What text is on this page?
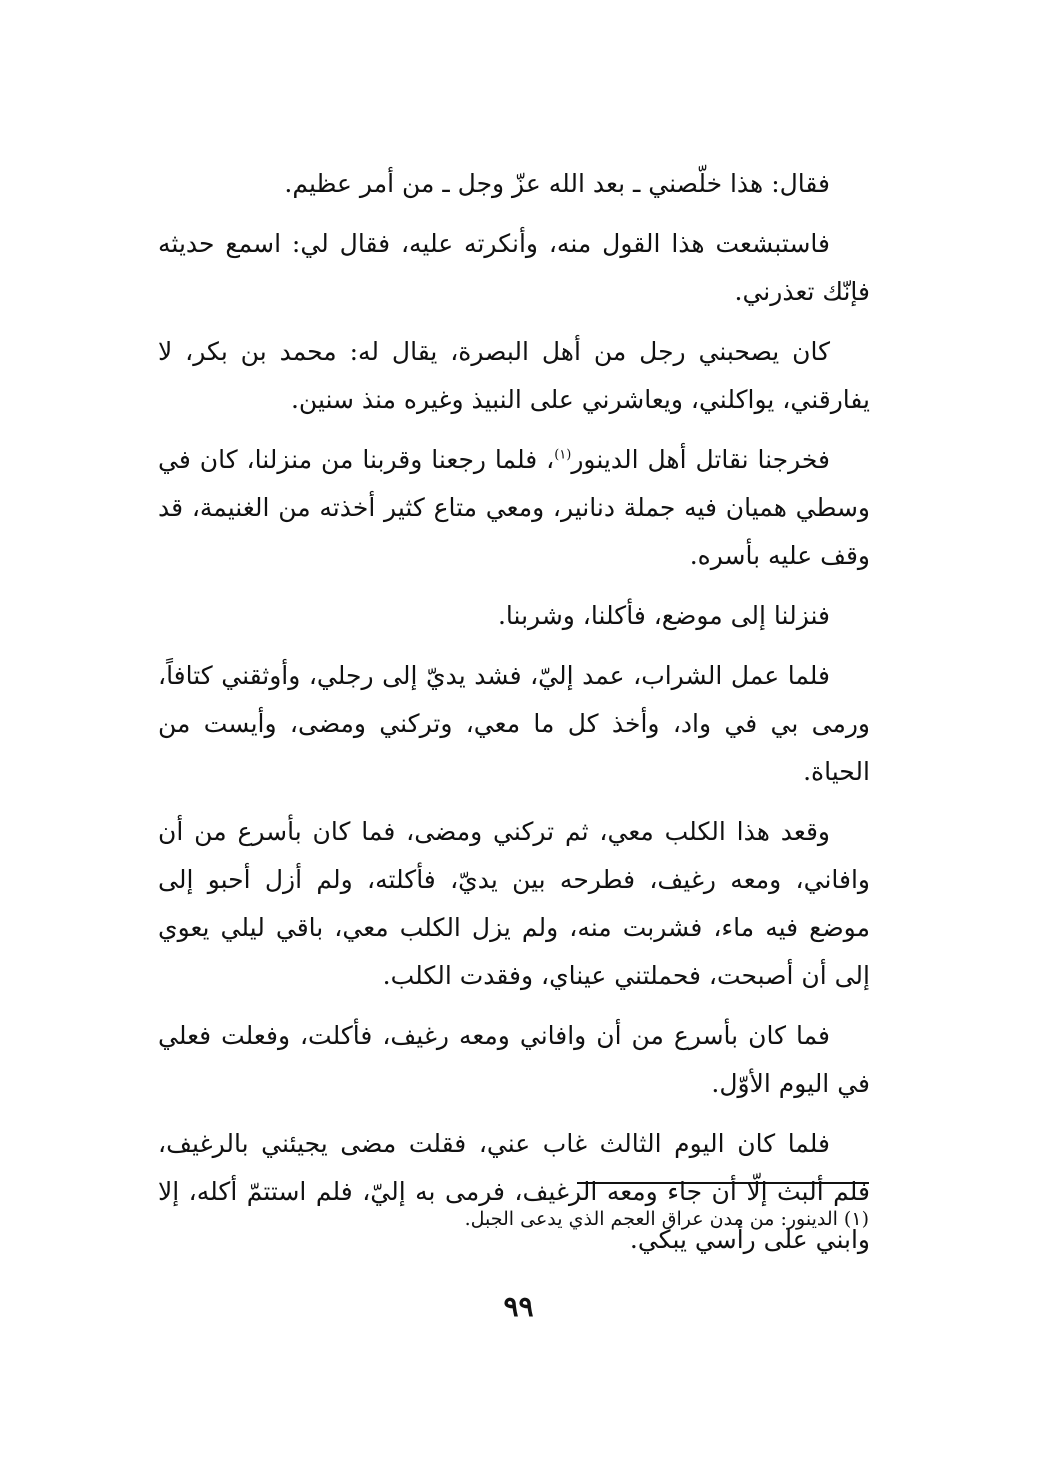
فقال: هذا خلّصني ـ بعد الله عزّ وجل ـ من أمر عظيم.

فاستبشعت هذا القول منه، وأنكرته عليه، فقال لي: اسمع حديثه فإنّك تعذرني.

كان يصحبني رجل من أهل البصرة، يقال له: محمد بن بكر، لا يفارقني، يواكلني، ويعاشرني على النبيذ وغيره منذ سنين.

فخرجنا نقاتل أهل الدينور$^{(١)}$، فلما رجعنا وقربنا من منزلنا، كان في وسطي هميان فيه جملة دنانير، ومعي متاع كثير أخذته من الغنيمة، قد وقف عليه بأسره.

فنزلنا إلى موضع، فأكلنا، وشربنا.

فلما عمل الشراب، عمد إليّ، فشد يديّ إلى رجلي، وأوثقني كتافاً، ورمى بي في واد، وأخذ كل ما معي، وتركني ومضى، وأيست من الحياة.

وقعد هذا الكلب معي، ثم تركني ومضى، فما كان بأسرع من أن وافاني، ومعه رغيف، فطرحه بين يديّ، فأكلته، ولم أزل أحبو إلى موضع فيه ماء، فشربت منه، ولم يزل الكلب معي، باقي ليلي يعوي إلى أن أصبحت، فحملتني عيناي، وفقدت الكلب.

فما كان بأسرع من أن وافاني ومعه رغيف، فأكلت، وفعلت فعلي في اليوم الأوّل.

فلما كان اليوم الثالث غاب عني، فقلت مضى يجيئني بالرغيف، فلم ألبث إلّا أن جاء ومعه الرغيف، فرمى به إليّ، فلم استتمّ أكله، إلا وابني على رأسي يبكي.

(١) الدينور: من مدن عراق العجم الذي يدعى الجبل.
٩٩
